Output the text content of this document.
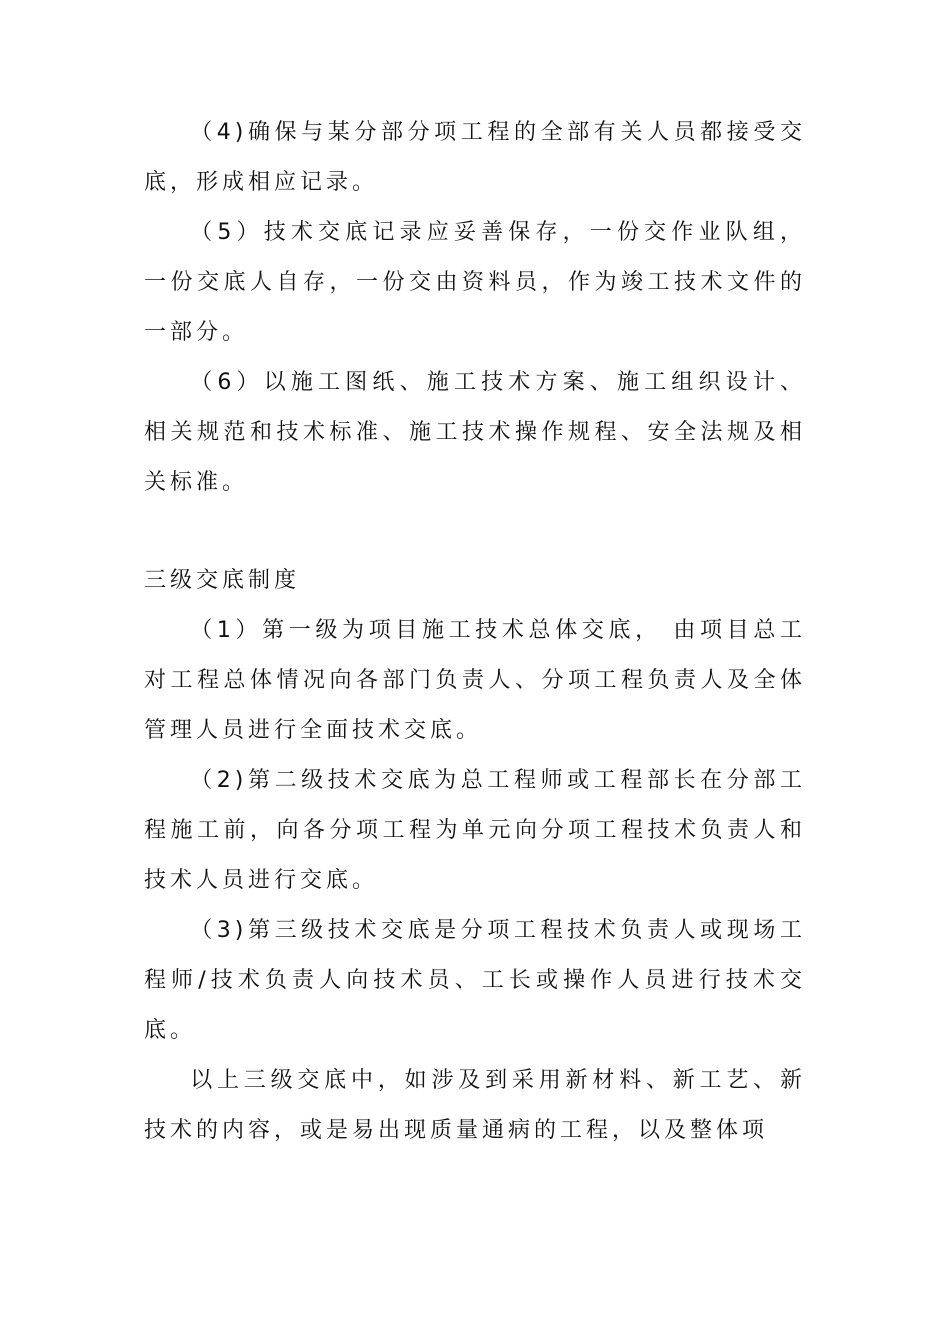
（4)确保与某分部分项工程的全部有关人员都接受交底，形成相应记录。

（5）技术交底记录应妥善保存，一份交作业队组，一份交底人自存，一份交由资料员，作为竣工技术文件的一部分。

（6）以施工图纸、施工技术方案、施工组织设计、相关规范和技术标准、施工技术操作规程、安全法规及相关标准。

三级交底制度

（1）第一级为项目施工技术总体交底， 由项目总工对工程总体情况向各部门负责人、分项工程负责人及全体管理人员进行全面技术交底。

（2)第二级技术交底为总工程师或工程部长在分部工程施工前，向各分项工程为单元向分项工程技术负责人和技术人员进行交底。

（3)第三级技术交底是分项工程技术负责人或现场工程师/技术负责人向技术员、工长或操作人员进行技术交底。

以上三级交底中，如涉及到采用新材料、新工艺、新技术的内容，或是易出现质量通病的工程，以及整体项
